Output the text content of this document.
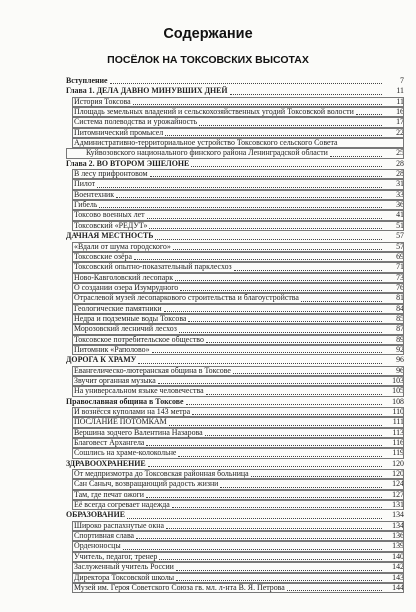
Содержание
ПОСЁЛОК НА ТОКСОВСКИХ ВЫСОТАХ
Вступление	7
Глава 1. ДЕЛА ДАВНО МИНУВШИХ ДНЕЙ	11
История Токсова	11
Площадь земельных владений и сельскохозяйственных угодий Токсовской волости	16
Система полеводства и урожайность	17
Питомнический промысел	22
Административно-территориальное устройство Токсовского сельского Совета
Куйвозовского национального финского района Ленинградской области	25
Глава 2. ВО ВТОРОМ ЭШЕЛОНЕ	28
В лесу прифронтовом	28
Пилот	31
Воентехник	33
Гибель	36
Токсово военных лет	41
Токсовский «РЕДУТ»	51
ДАЧНАЯ МЕСТНОСТЬ	57
«Вдали от шума городского»	57
Токсовские озёра	69
Токсовский опытно-показательный парклесхоз	71
Ново-Кавголовский лесопарк	73
О создании озера Изумрудного	76
Отраслевой музей лесопаркового строительства и благоустройства	81
Геологические памятники	84
Недра и подземные воды Токсова	85
Морозовский лесничий лесхоз	87
Токсовское потребительское общество	89
Питомник «Раполово»	92
ДОРОГА К ХРАМУ	96
Евангелическо-лютеранская община в Токсове	96
Звучит органная музыка	103
На универсальном языке человечества	105
Православная община в Токсове	108
И вознёсся куполами на 143 метра	110
ПОСЛАНИЕ ПОТОМКАМ	111
Вершина зодчего Валентина Назарова	113
Благовест Архангела	116
Сошлись на храме-колокольне	119
ЗДРАВООХРАНЕНИЕ	120
От медпризмотра до Токсовская районная больница	120
Сан Саныч, возвращающий радость жизни	124
Там, где печат ожоги	127
Её всегда согревает надежда	131
ОБРАЗОВАНИЕ	134
Широко распахнутые окна	134
Спортивная слава	136
Орденоносцы	139
Учитель, педагог, тренер	140
Заслуженный учитель России	142
Директора Токсовской школы	143
Музей им. Героя Советского Союза гв. мл. л-нта В. Я. Петрова	144
